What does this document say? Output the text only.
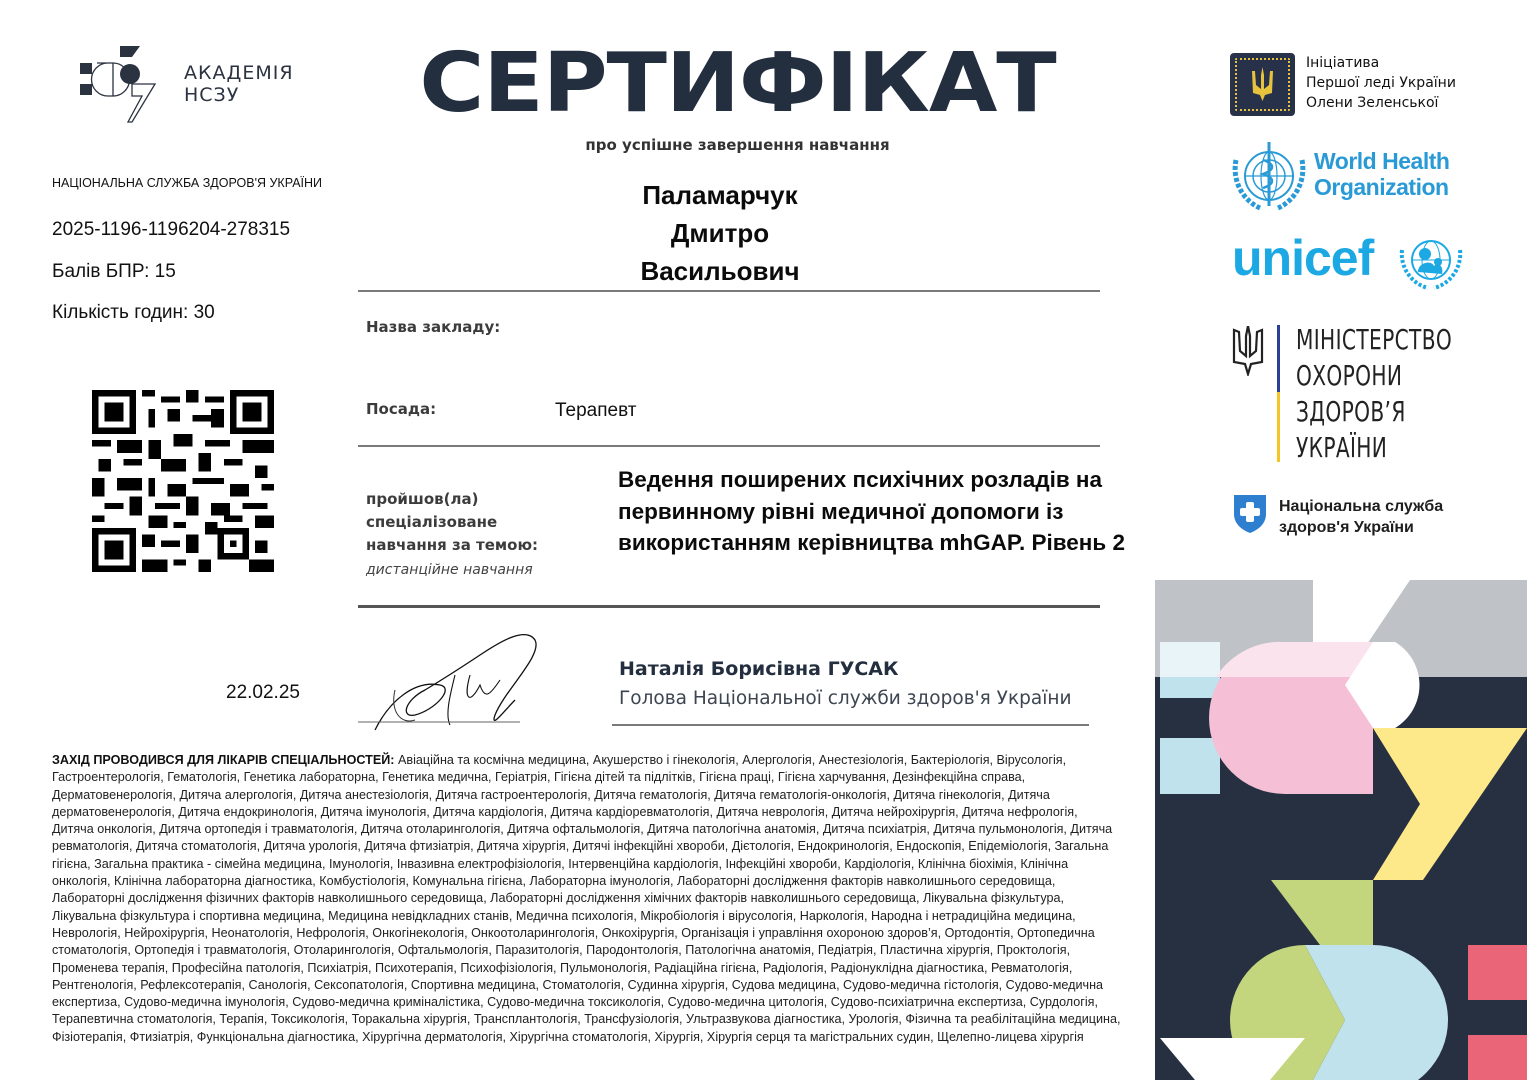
АКАДЕМІЯ
НСЗУ
НАЦІОНАЛЬНА СЛУЖБА ЗДОРОВ'Я УКРАЇНИ
2025-1196-1196204-278315
Балів БПР: 15
Кількість годин: 30
СЕРТИФІКАТ
про успішне завершення навчання
Паламарчук
Дмитро
Васильович
Назва закладу:
Посада:	Терапевт
пройшов(ла)
спеціалізоване
навчання за темою:
дистанційне навчання
Ведення поширених психічних розладів на первинному рівні медичної допомоги із використанням керівництва mhGAP. Рівень 2
22.02.25
Наталія Борисівна ГУСАК
Голова Національної служби здоров'я України
ЗАХІД ПРОВОДИВСЯ ДЛЯ ЛІКАРІВ СПЕЦІАЛЬНОСТЕЙ: Авіаційна та космічна медицина, Акушерство і гінекологія, Алергологія, Анестезіологія, Бактеріологія, Вірусологія, Гастроентерологія, Гематологія, Генетика лабораторна, Генетика медична, Геріатрія, Гігієна дітей та підлітків, Гігієна праці, Гігієна харчування, Дезінфекційна справа, Дерматовенерологія, Дитяча алергологія, Дитяча анестезіологія, Дитяча гастроентерологія, Дитяча гематологія, Дитяча гематологія-онкологія, Дитяча гінекологія, Дитяча дерматовенерологія, Дитяча ендокринологія, Дитяча імунологія, Дитяча кардіологія, Дитяча кардіоревматологія, Дитяча неврологія, Дитяча нейрохірургія, Дитяча нефрологія, Дитяча онкологія, Дитяча ортопедія і травматологія, Дитяча отоларингологія, Дитяча офтальмологія, Дитяча патологічна анатомія, Дитяча психіатрія, Дитяча пульмонологія, Дитяча ревматологія, Дитяча стоматологія, Дитяча урологія, Дитяча фтизіатрія, Дитяча хірургія, Дитячі інфекційні хвороби, Дієтологія, Ендокринологія, Ендоскопія, Епідеміологія, Загальна гігієна, Загальна практика - сімейна медицина, Імунологія, Інвазивна електрофізіологія, Інтервенційна кардіологія, Інфекційні хвороби, Кардіологія, Клінічна біохімія, Клінічна онкологія, Клінічна лабораторна діагностика, Комбустіологія, Комунальна гігієна, Лабораторна імунологія, Лабораторні дослідження факторів навколишнього середовища, Лабораторні дослідження фізичних факторів навколишнього середовища, Лабораторні дослідження хімічних факторів навколишнього середовища, Лікувальна фізкультура, Лікувальна фізкультура і спортивна медицина, Медицина невідкладних станів, Медична психологія, Мікробіологія і вірусологія, Наркологія, Народна і нетрадиційна медицина, Неврологія, Нейрохірургія, Неонатологія, Нефрологія, Онкогінекологія, Онкоотоларингологія, Онкохірургія, Організація і управління охороною здоров’я, Ортодонтія, Ортопедична стоматологія, Ортопедія і травматологія, Отоларингологія, Офтальмологія, Паразитологія, Пародонтологія, Патологічна анатомія, Педіатрія, Пластична хірургія, Проктологія, Променева терапія, Професійна патологія, Психіатрія, Психотерапія, Психофізіологія, Пульмонологія, Радіаційна гігієна, Радіологія, Радіонуклідна діагностика, Ревматологія, Рентгенологія, Рефлексотерапія, Санологія, Сексопатологія, Спортивна медицина, Стоматологія, Судинна хірургія, Судова медицина, Судово-медична гістологія, Судово-медична експертиза, Судово-медична імунологія, Судово-медична криміналістика, Судово-медична токсикологія, Судово-медична цитологія, Судово-психіатрична експертиза, Сурдологія, Терапевтична стоматологія, Терапія, Токсикологія, Торакальна хірургія, Трансплантологія, Трансфузіологія, Ультразвукова діагностика, Урологія, Фізична та реабілітаційна медицина, Фізіотерапія, Фтизіатрія, Функціональна діагностика, Хірургічна дерматологія, Хірургічна стоматологія, Хірургія, Хірургія серця та магістральних судин, Щелепно-лицева хірургія
Ініціатива
Першої леді України
Олени Зеленської
World Health
Organization
unicef
МІНІСТЕРСТВО
ОХОРОНИ
ЗДОРОВ’Я
УКРАЇНИ
Національна служба
здоров'я України
